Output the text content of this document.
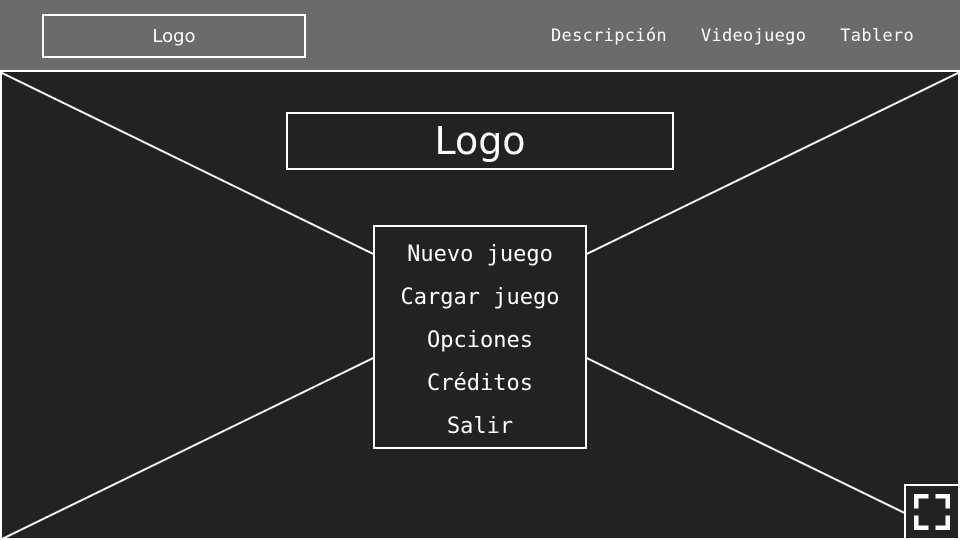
Logo	Descripción Videojuego Tablero
Logo
Nuevo juego
Cargar juego
Opciones
Créditos
Salir
